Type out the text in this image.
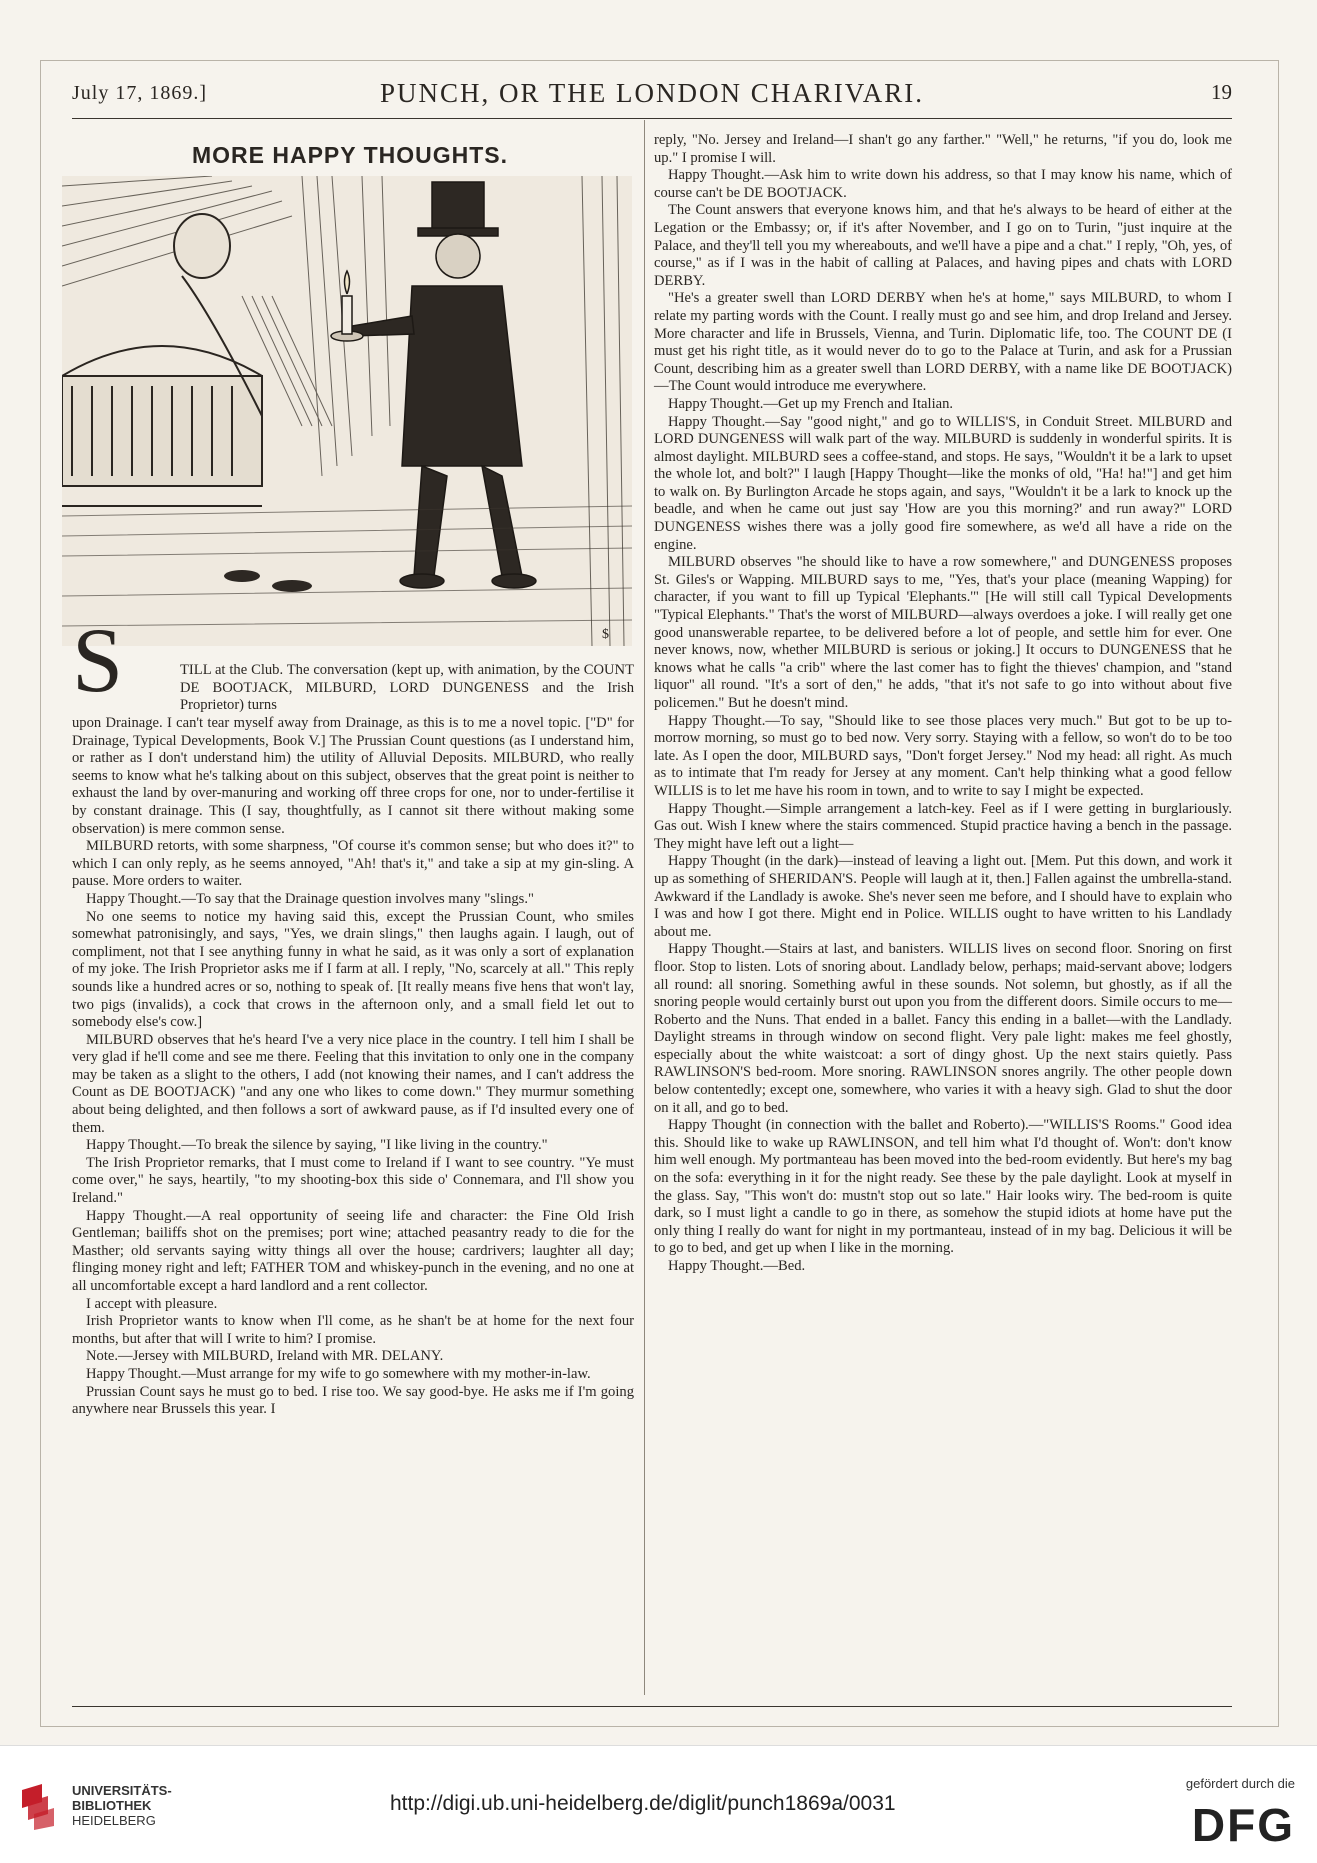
July 17, 1869.]	PUNCH, OR THE LONDON CHARIVARI.	19
MORE HAPPY THOUGHTS.
$
S	TILL at the Club. The conversation (kept up, with animation, by the COUNT DE BOOTJACK, MILBURD, LORD DUNGENESS and the Irish Proprietor) turns

upon Drainage. I can't tear myself away from Drainage, as this is to me a novel topic. ["D" for Drainage, Typical Developments, Book V.] The Prussian Count questions (as I understand him, or rather as I don't understand him) the utility of Alluvial Deposits. MILBURD, who really seems to know what he's talking about on this subject, observes that the great point is neither to exhaust the land by over-manuring and working off three crops for one, nor to under-fertilise it by constant drainage. This (I say, thoughtfully, as I cannot sit there without making some observation) is mere common sense.

MILBURD retorts, with some sharpness, "Of course it's common sense; but who does it?" to which I can only reply, as he seems annoyed, "Ah! that's it," and take a sip at my gin-sling. A pause. More orders to waiter.

Happy Thought.—To say that the Drainage question involves many "slings."

No one seems to notice my having said this, except the Prussian Count, who smiles somewhat patronisingly, and says, "Yes, we drain slings," then laughs again. I laugh, out of compliment, not that I see anything funny in what he said, as it was only a sort of explanation of my joke. The Irish Proprietor asks me if I farm at all. I reply, "No, scarcely at all." This reply sounds like a hundred acres or so, nothing to speak of. [It really means five hens that won't lay, two pigs (invalids), a cock that crows in the afternoon only, and a small field let out to somebody else's cow.]

MILBURD observes that he's heard I've a very nice place in the country. I tell him I shall be very glad if he'll come and see me there. Feeling that this invitation to only one in the company may be taken as a slight to the others, I add (not knowing their names, and I can't address the Count as DE BOOTJACK) "and any one who likes to come down." They murmur something about being delighted, and then follows a sort of awkward pause, as if I'd insulted every one of them.

Happy Thought.—To break the silence by saying, "I like living in the country."

The Irish Proprietor remarks, that I must come to Ireland if I want to see country. "Ye must come over," he says, heartily, "to my shooting-box this side o' Connemara, and I'll show you Ireland."

Happy Thought.—A real opportunity of seeing life and character: the Fine Old Irish Gentleman; bailiffs shot on the premises; port wine; attached peasantry ready to die for the Masther; old servants saying witty things all over the house; cardrivers; laughter all day; flinging money right and left; FATHER TOM and whiskey-punch in the evening, and no one at all uncomfortable except a hard landlord and a rent collector.

I accept with pleasure.

Irish Proprietor wants to know when I'll come, as he shan't be at home for the next four months, but after that will I write to him? I promise.

Note.—Jersey with MILBURD, Ireland with MR. DELANY.

Happy Thought.—Must arrange for my wife to go somewhere with my mother-in-law.

Prussian Count says he must go to bed. I rise too. We say good-bye. He asks me if I'm going anywhere near Brussels this year. I

reply, "No. Jersey and Ireland—I shan't go any farther." "Well," he returns, "if you do, look me up." I promise I will.

Happy Thought.—Ask him to write down his address, so that I may know his name, which of course can't be DE BOOTJACK.

The Count answers that everyone knows him, and that he's always to be heard of either at the Legation or the Embassy; or, if it's after November, and I go on to Turin, "just inquire at the Palace, and they'll tell you my whereabouts, and we'll have a pipe and a chat." I reply, "Oh, yes, of course," as if I was in the habit of calling at Palaces, and having pipes and chats with LORD DERBY.

"He's a greater swell than LORD DERBY when he's at home," says MILBURD, to whom I relate my parting words with the Count. I really must go and see him, and drop Ireland and Jersey. More character and life in Brussels, Vienna, and Turin. Diplomatic life, too. The COUNT DE (I must get his right title, as it would never do to go to the Palace at Turin, and ask for a Prussian Count, describing him as a greater swell than LORD DERBY, with a name like DE BOOTJACK)—The Count would introduce me everywhere.

Happy Thought.—Get up my French and Italian.

Happy Thought.—Say "good night," and go to WILLIS'S, in Conduit Street. MILBURD and LORD DUNGENESS will walk part of the way. MILBURD is suddenly in wonderful spirits. It is almost daylight. MILBURD sees a coffee-stand, and stops. He says, "Wouldn't it be a lark to upset the whole lot, and bolt?" I laugh [Happy Thought—like the monks of old, "Ha! ha!"] and get him to walk on. By Burlington Arcade he stops again, and says, "Wouldn't it be a lark to knock up the beadle, and when he came out just say 'How are you this morning?' and run away?" LORD DUNGENESS wishes there was a jolly good fire somewhere, as we'd all have a ride on the engine.

MILBURD observes "he should like to have a row somewhere," and DUNGENESS proposes St. Giles's or Wapping. MILBURD says to me, "Yes, that's your place (meaning Wapping) for character, if you want to fill up Typical 'Elephants.'" [He will still call Typical Developments "Typical Elephants." That's the worst of MILBURD—always overdoes a joke. I will really get one good unanswerable repartee, to be delivered before a lot of people, and settle him for ever. One never knows, now, whether MILBURD is serious or joking.] It occurs to DUNGENESS that he knows what he calls "a crib" where the last comer has to fight the thieves' champion, and "stand liquor" all round. "It's a sort of den," he adds, "that it's not safe to go into without about five policemen." But he doesn't mind.

Happy Thought.—To say, "Should like to see those places very much." But got to be up to-morrow morning, so must go to bed now. Very sorry. Staying with a fellow, so won't do to be too late. As I open the door, MILBURD says, "Don't forget Jersey." Nod my head: all right. As much as to intimate that I'm ready for Jersey at any moment. Can't help thinking what a good fellow WILLIS is to let me have his room in town, and to write to say I might be expected.

Happy Thought.—Simple arrangement a latch-key. Feel as if I were getting in burglariously. Gas out. Wish I knew where the stairs commenced. Stupid practice having a bench in the passage. They might have left out a light—

Happy Thought (in the dark)—instead of leaving a light out. [Mem. Put this down, and work it up as something of SHERIDAN'S. People will laugh at it, then.] Fallen against the umbrella-stand. Awkward if the Landlady is awoke. She's never seen me before, and I should have to explain who I was and how I got there. Might end in Police. WILLIS ought to have written to his Landlady about me.

Happy Thought.—Stairs at last, and banisters. WILLIS lives on second floor. Snoring on first floor. Stop to listen. Lots of snoring about. Landlady below, perhaps; maid-servant above; lodgers all round: all snoring. Something awful in these sounds. Not solemn, but ghostly, as if all the snoring people would certainly burst out upon you from the different doors. Simile occurs to me—Roberto and the Nuns. That ended in a ballet. Fancy this ending in a ballet—with the Landlady. Daylight streams in through window on second flight. Very pale light: makes me feel ghostly, especially about the white waistcoat: a sort of dingy ghost. Up the next stairs quietly. Pass RAWLINSON'S bed-room. More snoring. RAWLINSON snores angrily. The other people down below contentedly; except one, somewhere, who varies it with a heavy sigh. Glad to shut the door on it all, and go to bed.

Happy Thought (in connection with the ballet and Roberto).—"WILLIS'S Rooms." Good idea this. Should like to wake up RAWLINSON, and tell him what I'd thought of. Won't: don't know him well enough. My portmanteau has been moved into the bed-room evidently. But here's my bag on the sofa: everything in it for the night ready. See these by the pale daylight. Look at myself in the glass. Say, "This won't do: mustn't stop out so late." Hair looks wiry. The bed-room is quite dark, so I must light a candle to go in there, as somehow the stupid idiots at home have put the only thing I really do want for night in my portmanteau, instead of in my bag. Delicious it will be to go to bed, and get up when I like in the morning.

Happy Thought.—Bed.

UNIVERSITÄTS-
BIBLIOTHEK
HEIDELBERG
http://digi.ub.uni-heidelberg.de/diglit/punch1869a/0031
gefördert durch die
DFG
